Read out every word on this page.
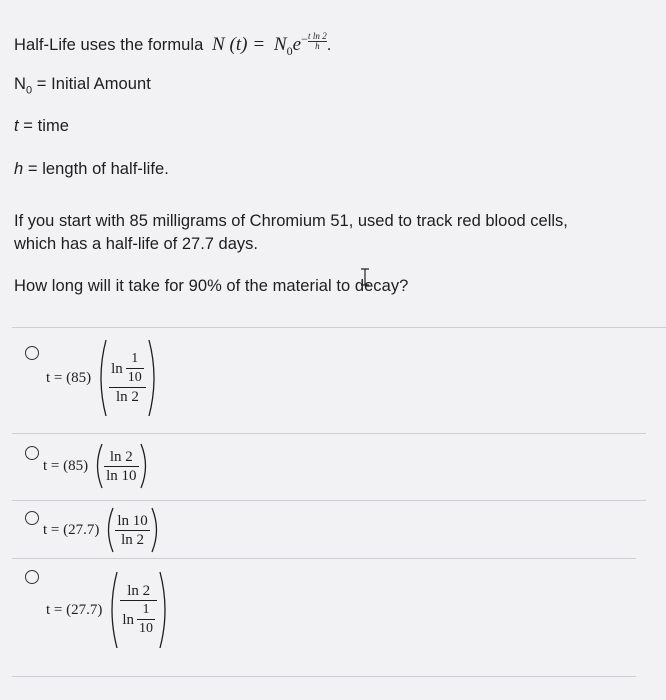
Half-Life uses the formula N $(t) = N_0e- \frac{\text{t ln 2}}{h}$ .
$N_0$ = Initial Amount
t = time
h = length of half-life.
If you start with 85 milligrams of Chromium 51, used to track red blood cells,
which has a half-life of 27.7 days.
How long will it take for 90% of the material to decay?
$t = (85) \frac{\ln \frac{1}{10}}{\ln 2}$
$t = (85) \frac{\ln 2}{\ln 10}$
$t = (27.7) \frac{\ln 10}{\ln 2}$
$t = (27.7) \frac{\ln 2}{\ln \frac{1}{10}}$
